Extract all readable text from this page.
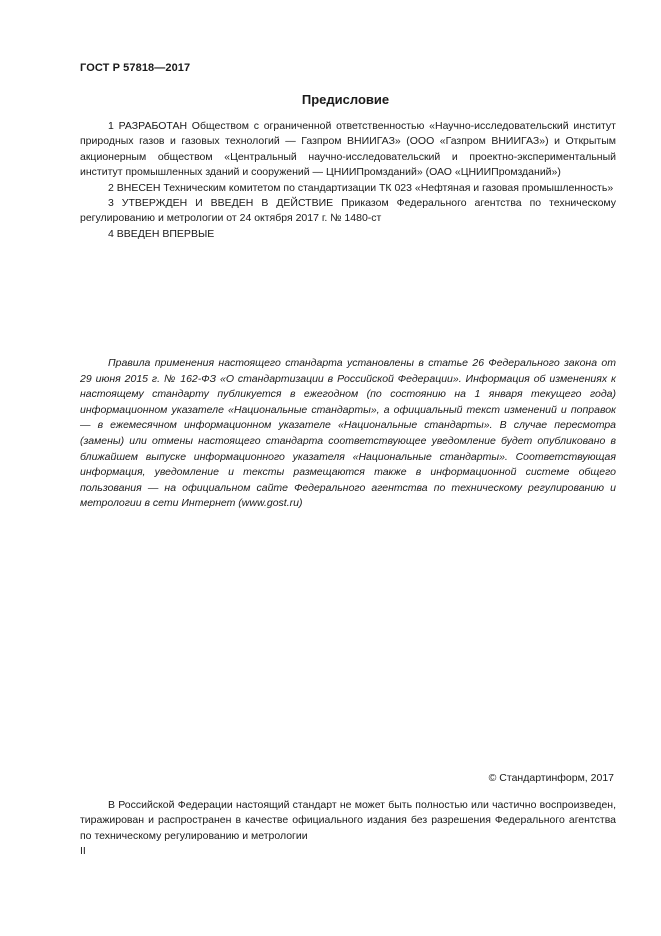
ГОСТ Р 57818—2017
Предисловие

1 РАЗРАБОТАН Обществом с ограниченной ответственностью «Научно-исследовательский институт природных газов и газовых технологий — Газпром ВНИИГАЗ» (ООО «Газпром ВНИИГАЗ») и Открытым акционерным обществом «Центральный научно-исследовательский и проектно-экспериментальный институт промышленных зданий и сооружений — ЦНИИПромзданий» (ОАО «ЦНИИПромзданий»)

2 ВНЕСЕН Техническим комитетом по стандартизации ТК 023 «Нефтяная и газовая промышленность»

3 УТВЕРЖДЕН И ВВЕДЕН В ДЕЙСТВИЕ Приказом Федерального агентства по техническому регулированию и метрологии от 24 октября 2017 г. № 1480-ст

4 ВВЕДЕН ВПЕРВЫЕ

Правила применения настоящего стандарта установлены в статье 26 Федерального закона от 29 июня 2015 г. № 162-ФЗ «О стандартизации в Российской Федерации». Информация об изменениях к настоящему стандарту публикуется в ежегодном (по состоянию на 1 января текущего года) информационном указателе «Национальные стандарты», а официальный текст изменений и поправок — в ежемесячном информационном указателе «Национальные стандарты». В случае пересмотра (замены) или отмены настоящего стандарта соответствующее уведомление будет опубликовано в ближайшем выпуске информационного указателя «Национальные стандарты». Соответствующая информация, уведомление и тексты размещаются также в информационной системе общего пользования — на официальном сайте Федерального агентства по техническому регулированию и метрологии в сети Интернет (www.gost.ru)

© Стандартинформ, 2017

В Российской Федерации настоящий стандарт не может быть полностью или частично воспроизведен, тиражирован и распространен в качестве официального издания без разрешения Федерального агентства по техническому регулированию и метрологии

II
